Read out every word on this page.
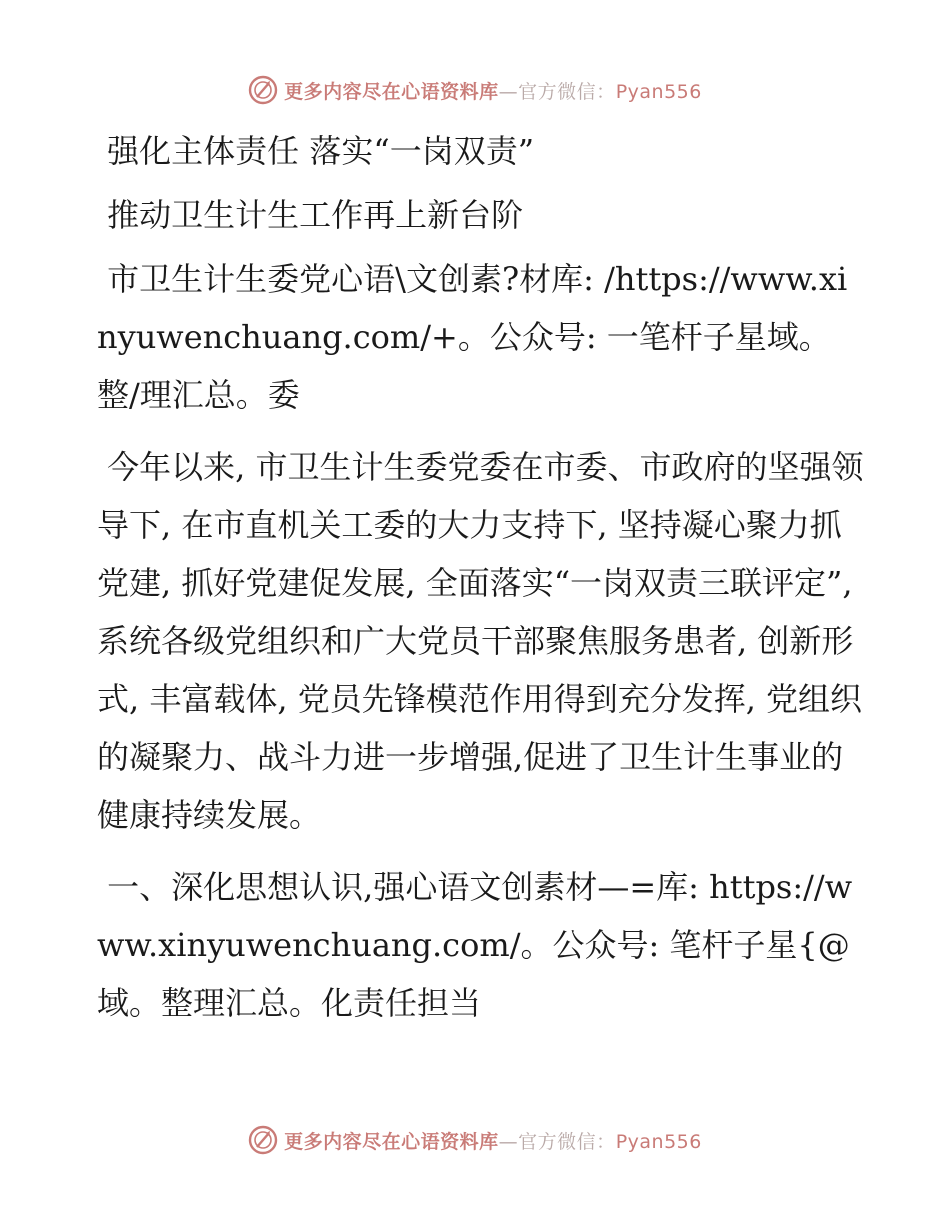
更多内容尽在心语资料库—官方微信：Pyan556

强化主体责任 落实“一岗双责”

推动卫生计生工作再上新台阶

市卫生计生委党心语\文创素?材库: /https://www.xinyuwenchuang.com/+。公众号: 一笔杆子星域。整/理汇总。委

今年以来, 市卫生计生委党委在市委、市政府的坚强领导下, 在市直机关工委的大力支持下, 坚持凝心聚力抓党建, 抓好党建促发展, 全面落实“一岗双责三联评定”, 系统各级党组织和广大党员干部聚焦服务患者, 创新形式, 丰富载体, 党员先锋模范作用得到充分发挥, 党组织的凝聚力、战斗力进一步增强,促进了卫生计生事业的健康持续发展。

一、深化思想认识,强心语文创素材—=库: https://www.xinyuwenchuang.com/。公众号: 笔杆子星{@域。整理汇总。化责任担当

更多内容尽在心语资料库—官方微信：Pyan556
